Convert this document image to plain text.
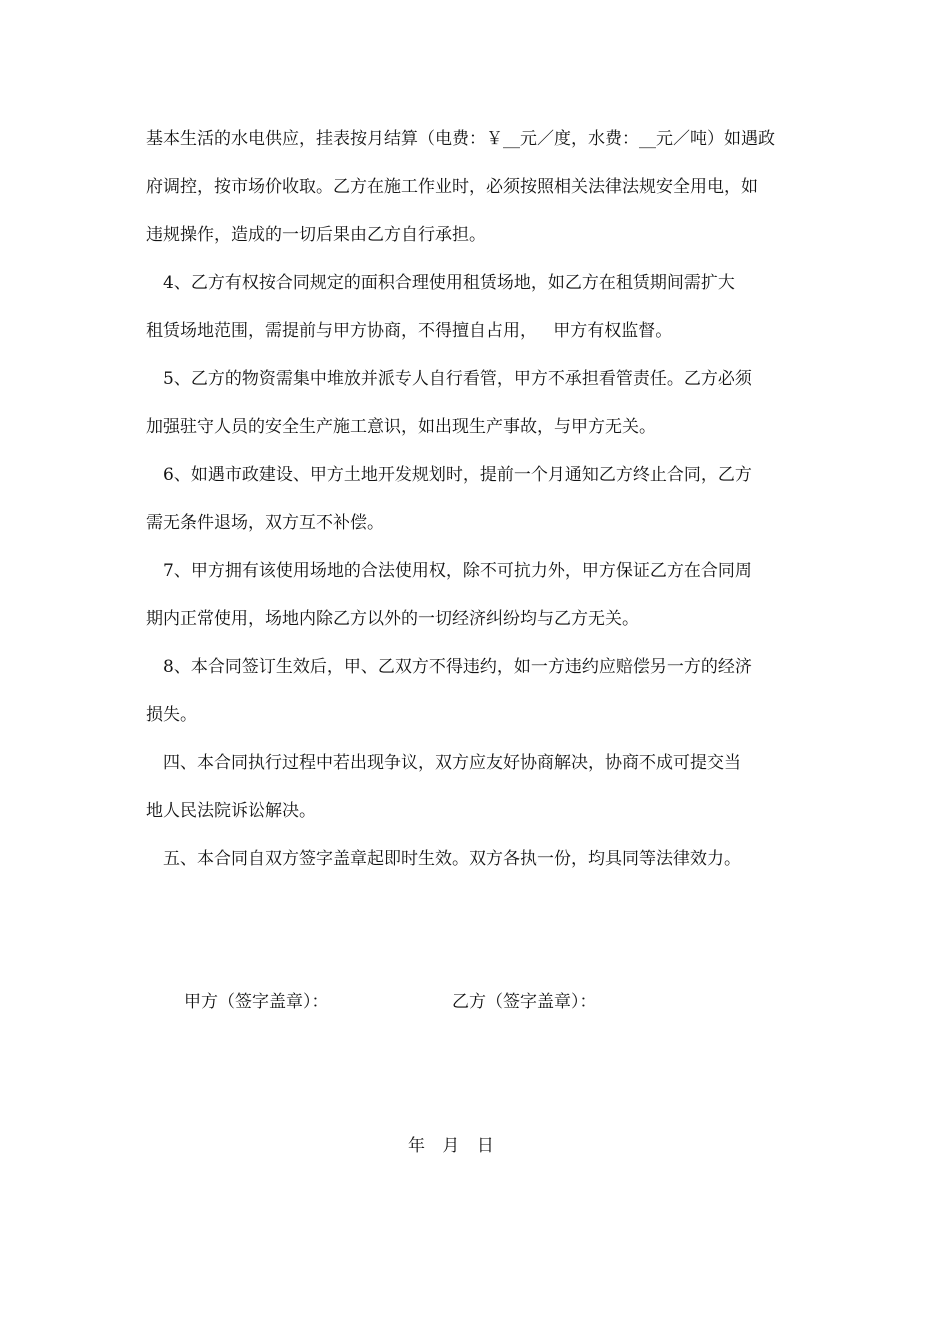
基本生活的水电供应，挂表按月结算（电费：￥__元／度，水费：__元／吨）如遇政
府调控，按市场价收取。乙方在施工作业时，必须按照相关法律法规安全用电，如
违规操作，造成的一切后果由乙方自行承担。
4、乙方有权按合同规定的面积合理使用租赁场地，如乙方在租赁期间需扩大
租赁场地范围，需提前与甲方协商，不得擅自占用，   甲方有权监督。
5、乙方的物资需集中堆放并派专人自行看管，甲方不承担看管责任。乙方必须
加强驻守人员的安全生产施工意识，如出现生产事故，与甲方无关。
6、如遇市政建设、甲方土地开发规划时，提前一个月通知乙方终止合同，乙方
需无条件退场，双方互不补偿。
7、甲方拥有该使用场地的合法使用权，除不可抗力外，甲方保证乙方在合同周
期内正常使用，场地内除乙方以外的一切经济纠纷均与乙方无关。
8、本合同签订生效后，甲、乙双方不得违约，如一方违约应赔偿另一方的经济
损失。
四、本合同执行过程中若出现争议，双方应友好协商解决，协商不成可提交当
地人民法院诉讼解决。
五、本合同自双方签字盖章起即时生效。双方各执一份，均具同等法律效力。
甲方（签字盖章）：	乙方（签字盖章）：
年 月 日
